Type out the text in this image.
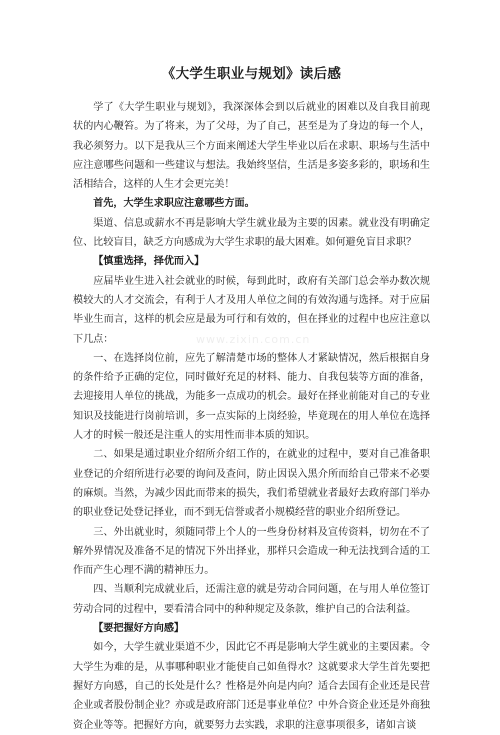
《大学生职业与规划》读后感

学了《大学生职业与规划》，我深深体会到以后就业的困难以及自我目前现状的内心鞭笞。为了将来，为了父母，为了自己，甚至是为了身边的每一个人，我必须努力。以下是我从三个方面来阐述大学生毕业以后在求职、职场与生活中应注意哪些问题和一些建议与想法。我始终坚信，生活是多姿多彩的，职场和生活相结合，这样的人生才会更完美！

首先，大学生求职应注意哪些方面。

渠道、信息或薪水不再是影响大学生就业最为主要的因素。就业没有明确定位、比较盲目，缺乏方向感成为大学生求职的最大困难。如何避免盲目求职？

【慎重选择，择优而入】

应届毕业生进入社会就业的时候，每到此时，政府有关部门总会举办数次规模较大的人才交流会，有利于人才及用人单位之间的有效沟通与选择。对于应届毕业生而言，这样的机会应是最为可行和有效的，但在择业的过程中也应注意以下几点：

一、在选择岗位前，应先了解清楚市场的整体人才紧缺情况，然后根据自身的条件给予正确的定位，同时做好充足的材料、能力、自我包装等方面的准备，去迎接用人单位的挑战，为能多一点成功的机会。最好在择业前能对自己的专业知识及技能进行岗前培训，多一点实际的上岗经验，毕竟现在的用人单位在选择人才的时候一般还是注重人的实用性而非本质的知识。

二、如果是通过职业介绍所介绍工作的，在就业的过程中，要对自己准备职业登记的介绍所进行必要的询问及查问，防止因误入黑介所而给自己带来不必要的麻烦。当然，为减少因此而带来的损失，我们希望就业者最好去政府部门举办的职业登记处登记择业，而不到无信誉或者小规模经营的职业介绍所登记。

三、外出就业时，须随同带上个人的一些身份材料及宣传资料，切勿在不了解外界情况及准备不足的情况下外出择业，那样只会造成一种无法找到合适的工作而产生心理不满的精神压力。

四、当顺利完成就业后，还需注意的就是劳动合同问题，在与用人单位签订劳动合同的过程中，要看清合同中的种种规定及条款，维护自己的合法利益。

【要把握好方向感】

如今，大学生就业渠道不少，因此它不再是影响大学生就业的主要因素。令大学生为难的是，从事哪种职业才能使自己如鱼得水？这就要求大学生首先要把握好方向感，自己的长处是什么？性格是外向是内向？适合去国有企业还是民营企业或者股份制企业？亦或是政府部门还是事业单位？中外合资企业还是外商独资企业等等。把握好方向，就要努力去实践，求职的注意事项很多，诸如言谈

www.zixin.com.cn
